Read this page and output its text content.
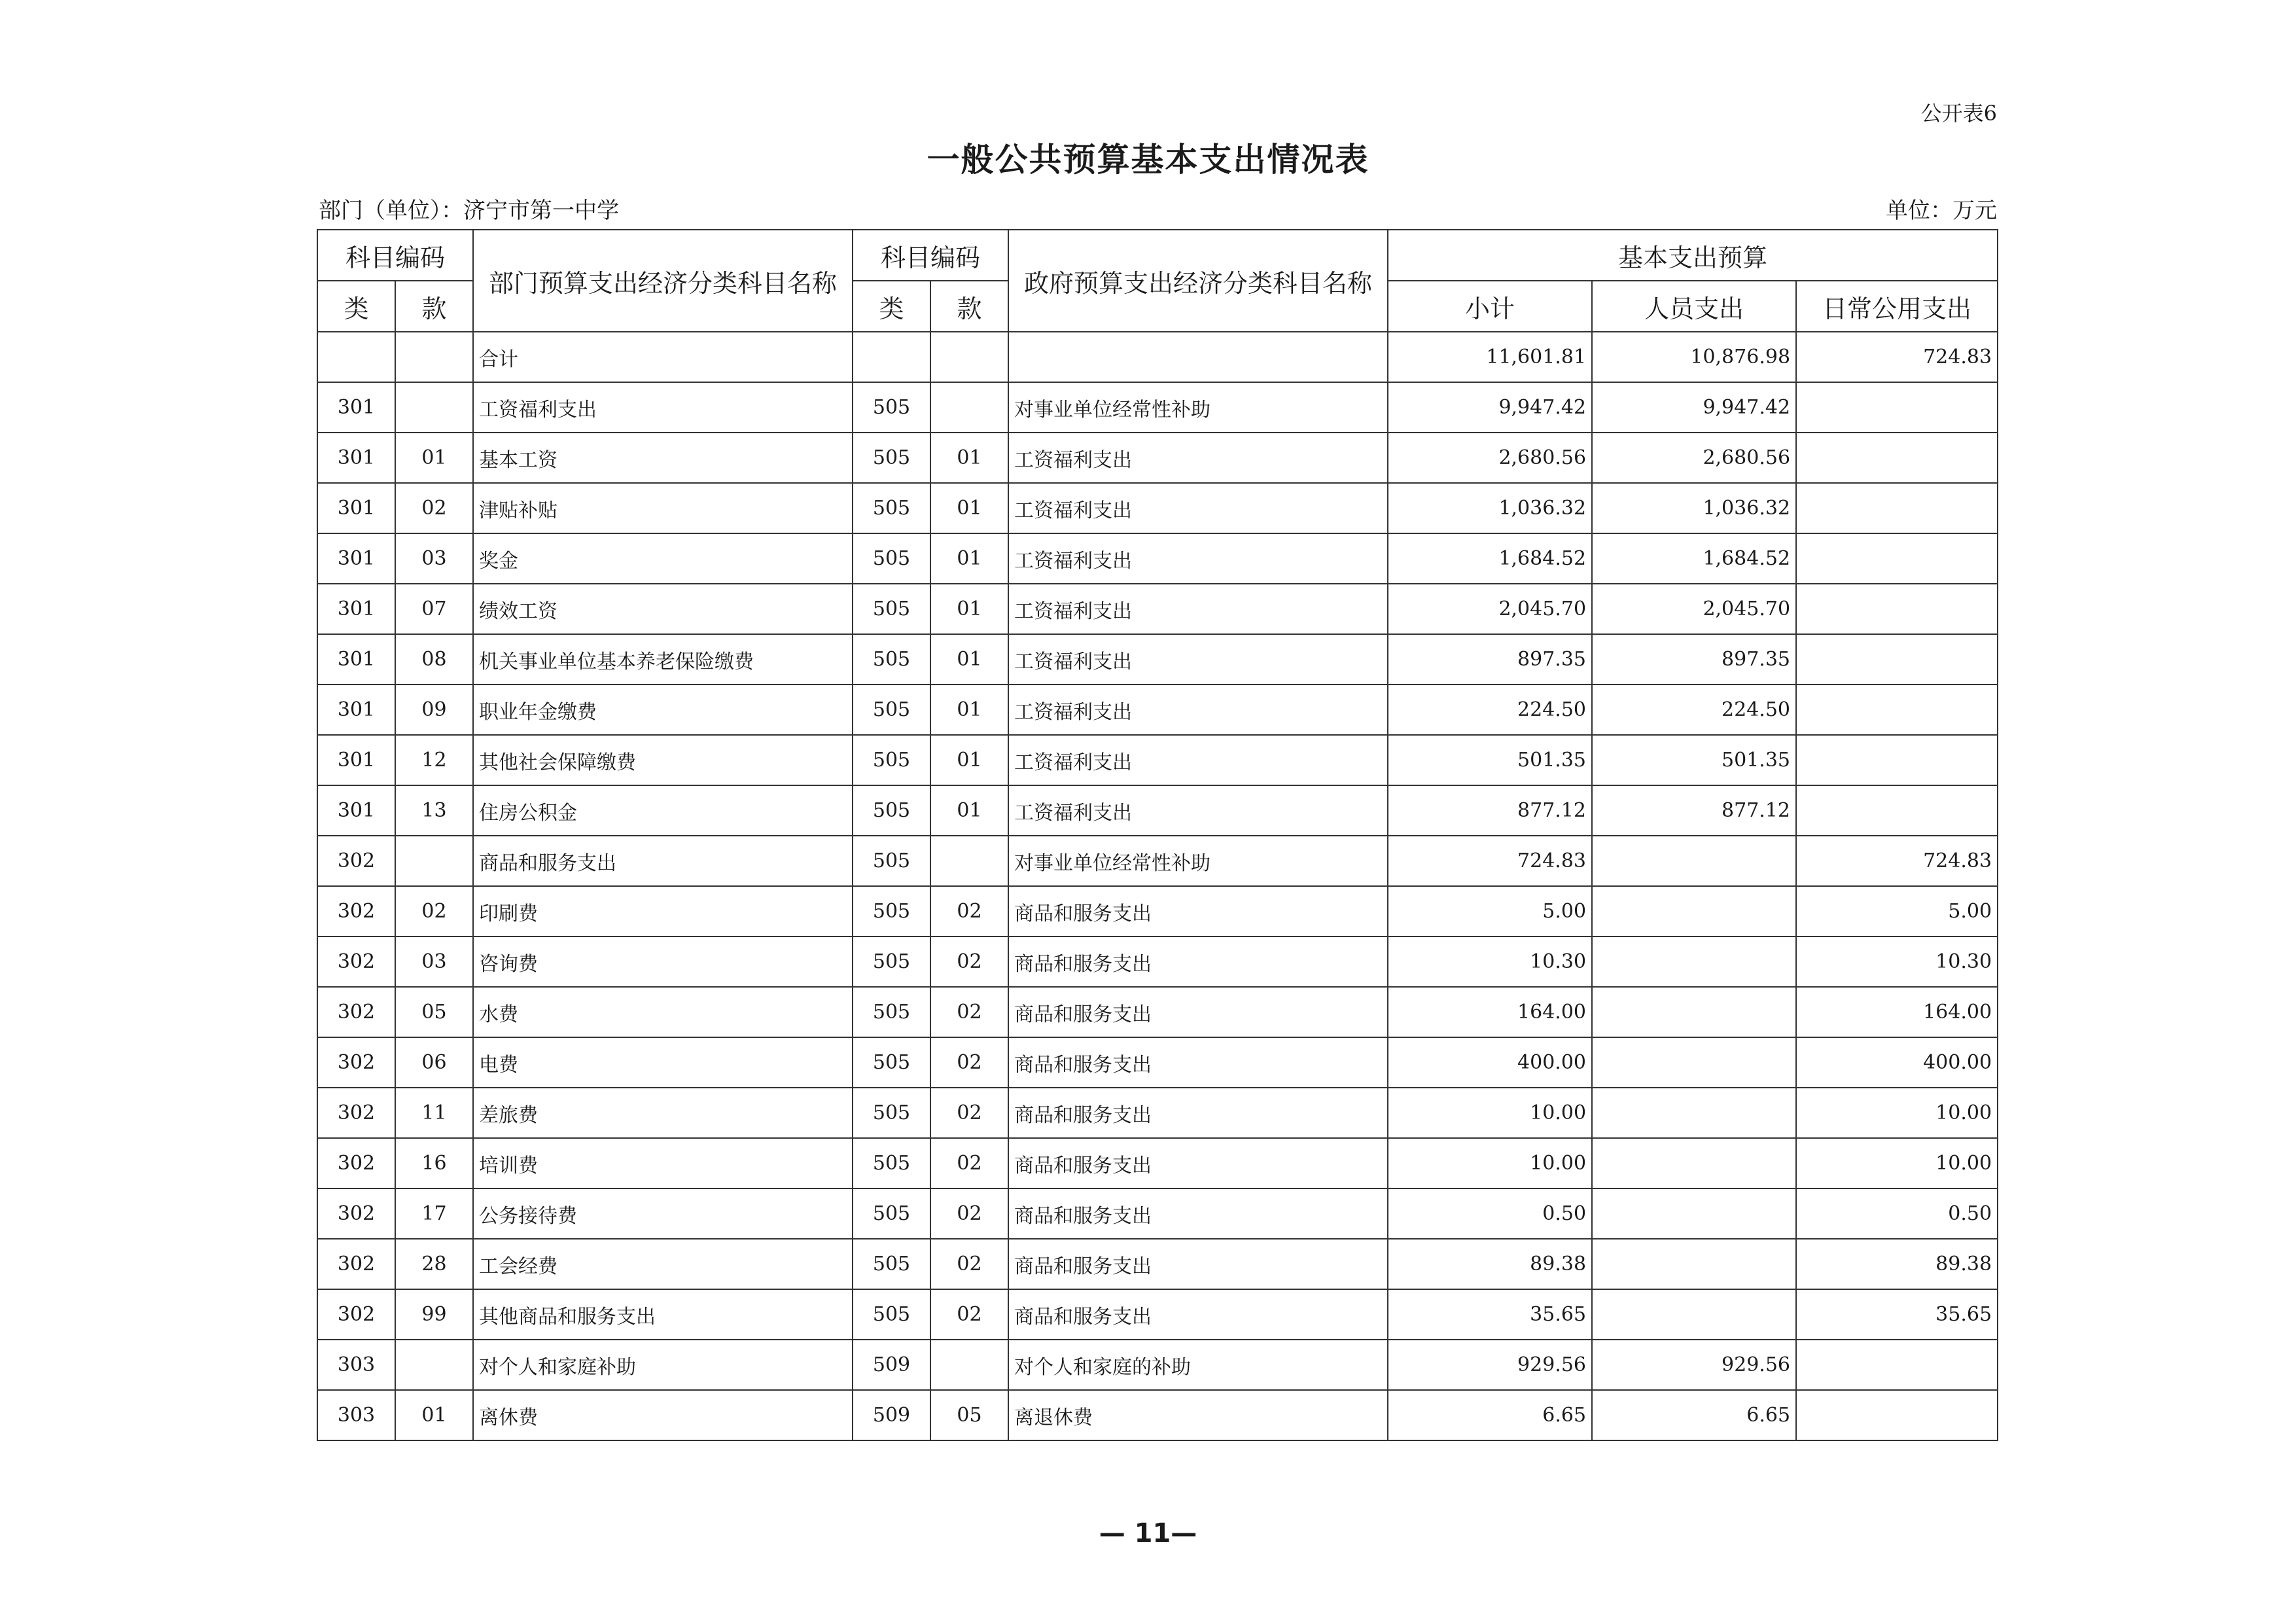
公开表6
一般公共预算基本支出情况表
部门（单位）：济宁市第一中学	单位：万元
科目编码		部门预算支出经济分类科目名称	科目编码		政府预算支出经济分类科目名称	基本支出预算		
类	款		类	款		小计	人员支出	日常公用支出
		合计				11,601.81	10,876.98	724.83
301		工资福利支出	505		对事业单位经常性补助	9,947.42	9,947.42	
301	01	基本工资	505	01	工资福利支出	2,680.56	2,680.56	
301	02	津贴补贴	505	01	工资福利支出	1,036.32	1,036.32	
301	03	奖金	505	01	工资福利支出	1,684.52	1,684.52	
301	07	绩效工资	505	01	工资福利支出	2,045.70	2,045.70	
301	08	机关事业单位基本养老保险缴费	505	01	工资福利支出	897.35	897.35	
301	09	职业年金缴费	505	01	工资福利支出	224.50	224.50	
301	12	其他社会保障缴费	505	01	工资福利支出	501.35	501.35	
301	13	住房公积金	505	01	工资福利支出	877.12	877.12	
302		商品和服务支出	505		对事业单位经常性补助	724.83		724.83
302	02	印刷费	505	02	商品和服务支出	5.00		5.00
302	03	咨询费	505	02	商品和服务支出	10.30		10.30
302	05	水费	505	02	商品和服务支出	164.00		164.00
302	06	电费	505	02	商品和服务支出	400.00		400.00
302	11	差旅费	505	02	商品和服务支出	10.00		10.00
302	16	培训费	505	02	商品和服务支出	10.00		10.00
302	17	公务接待费	505	02	商品和服务支出	0.50		0.50
302	28	工会经费	505	02	商品和服务支出	89.38		89.38
302	99	其他商品和服务支出	505	02	商品和服务支出	35.65		35.65
303		对个人和家庭补助	509		对个人和家庭的补助	929.56	929.56	
303	01	离休费	509	05	离退休费	6.65	6.65	
— 11—
